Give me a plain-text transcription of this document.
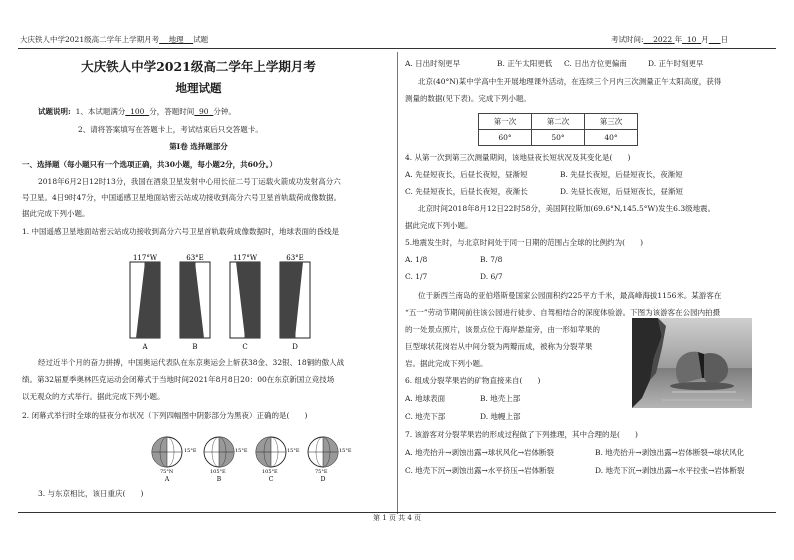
大庆铁人中学2021级高二学年上学期月考 地理 试题	考试时间: 2022 年 10 月 日
大庆铁人中学2021级高二学年上学期月考
地理试题
试题说明: 1、本试题满分 100 分，答题时间 90 分钟。
2、请将答案填写在答题卡上，考试结束后只交答题卡。
第Ⅰ卷 选择题部分
一、选择题（每小题只有一个选项正确，共30小题，每小题2分，共60分。）
2018年6月2日12时13分，我国在酒泉卫星发射中心用长征二号丁运载火箭成功发射高分六
号卫星。4日9时47分，中国遥感卫星地面站密云站成功接收到高分六号卫星首轨载荷成像数据。
据此完成下列小题。
1. 中国遥感卫星地面站密云站成功接收到高分六号卫星首轨载荷成像数据时，地球表面的昏线是
117°W
A
63°E
B
117°W
C
63°E
D
经过近半个月的奋力拼搏，中国奥运代表队在东京奥运会上斩获38金、32银、18铜的傲人战
绩。第32届夏季奥林匹克运动会闭幕式于当地时间2021年8月8日20：00在东京新国立竞技场
以无观众的方式举行。据此完成下列小题。
2. 闭幕式举行时全球的昼夜分布状况（下列四幅图中阴影部分为黑夜）正确的是(　　)
15°E
75°N
A
15°E
105°E
B
15°E
105°E
C
15°E
75°E
D
3. 与东京相比，该日重庆(　　)
A. 日出时刻更早	B. 正午太阳更低 C. 日出方位更偏南	D. 正午时刻更早
北京(40°N)某中学高中生开展地理课外活动，在连续三个月内三次测量正午太阳高度，获得
测量的数据(见下表)。完成下列小题。
第一次	第二次	第三次
60°	50°	40°
4. 从第一次到第三次测量期间，该地昼夜长短状况及其变化是(　　)
A. 先昼短夜长，后昼长夜短，昼渐短	B. 先昼长夜短，后昼短夜长，夜渐短
C. 先昼短夜长，后昼长夜短，夜渐长	D. 先昼长夜短，后昼短夜长，昼渐短
北京时间2018年8月12日22时58分，美国阿拉斯加(69.6°N,145.5°W)发生6.3级地震。
据此完成下列小题。
5.地震发生时，与北京时间处于同一日期的范围占全球的比例约为(　　)
A. 1/8	B. 7/8
C. 1/7	D. 6/7
位于新西兰南岛的亚伯塔斯曼国家公园面积约225平方千米，最高峰海拔1156米。某游客在
“五一”劳动节期间前往该公园进行徒步、自驾相结合的深度体验游。下图为该游客在公园内拍摄
的一处景点照片，该景点位于海岸悬崖旁，由一形如苹果的
巨型球状花岗岩从中间分裂为两瓣而成，被称为分裂苹果
岩。据此完成下列小题。
6. 组成分裂苹果岩的矿物直接来自(　　)
A. 地球表面	B. 地壳上部
C. 地壳下部	D. 地幔上部
7. 该游客对分裂苹果岩的形成过程做了下列推理，其中合理的是(　　)
A. 地壳抬升→剥蚀出露→球状风化→岩体断裂	B. 地壳抬升→剥蚀出露→岩体断裂→球状风化
C. 地壳下沉→剥蚀出露→水平挤压→岩体断裂	D. 地壳下沉→剥蚀出露→水平拉张→岩体断裂
第 1 页 共 4 页
